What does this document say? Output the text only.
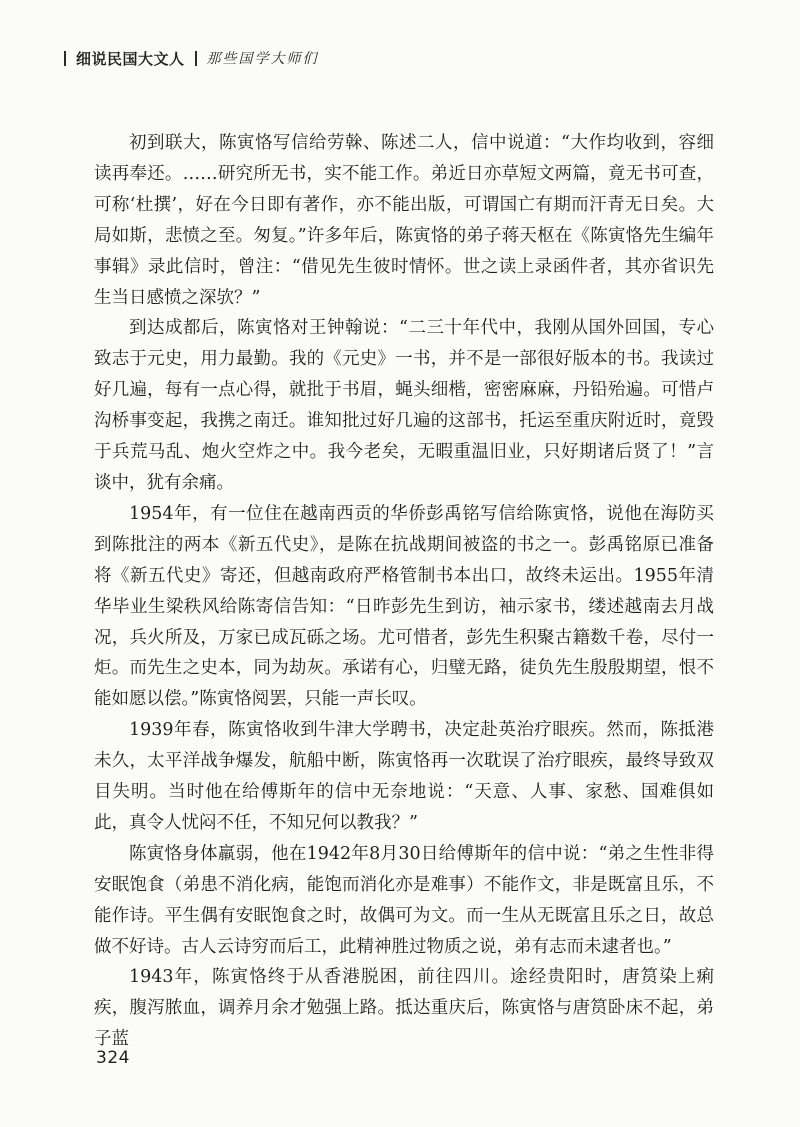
细说民国大文人 那些国学大师们

初到联大，陈寅恪写信给劳榦、陈述二人，信中说道：“大作均收到，容细读再奉还。……研究所无书，实不能工作。弟近日亦草短文两篇，竟无书可查，可称‘杜撰’，好在今日即有著作，亦不能出版，可谓国亡有期而汗青无日矣。大局如斯，悲愤之至。匆复。”许多年后，陈寅恪的弟子蒋天枢在《陈寅恪先生编年事辑》录此信时，曾注：“借见先生彼时情怀。世之读上录函件者，其亦省识先生当日感愤之深欤？”

到达成都后，陈寅恪对王钟翰说：“二三十年代中，我刚从国外回国，专心致志于元史，用力最勤。我的《元史》一书，并不是一部很好版本的书。我读过好几遍，每有一点心得，就批于书眉，蝇头细楷，密密麻麻，丹铅殆遍。可惜卢沟桥事变起，我携之南迁。谁知批过好几遍的这部书，托运至重庆附近时，竟毁于兵荒马乱、炮火空炸之中。我今老矣，无暇重温旧业，只好期诸后贤了！”言谈中，犹有余痛。

1954年，有一位住在越南西贡的华侨彭禹铭写信给陈寅恪，说他在海防买到陈批注的两本《新五代史》，是陈在抗战期间被盗的书之一。彭禹铭原已准备将《新五代史》寄还，但越南政府严格管制书本出口，故终未运出。1955年清华毕业生梁秩风给陈寄信告知：“日昨彭先生到访，袖示家书，缕述越南去月战况，兵火所及，万家已成瓦砾之场。尤可惜者，彭先生积聚古籍数千卷，尽付一炬。而先生之史本，同为劫灰。承诺有心，归璧无路，徒负先生殷殷期望，恨不能如愿以偿。”陈寅恪阅罢，只能一声长叹。

1939年春，陈寅恪收到牛津大学聘书，决定赴英治疗眼疾。然而，陈抵港未久，太平洋战争爆发，航船中断，陈寅恪再一次耽误了治疗眼疾，最终导致双目失明。当时他在给傅斯年的信中无奈地说：“天意、人事、家愁、国难俱如此，真令人忧闷不任，不知兄何以教我？”

陈寅恪身体羸弱，他在1942年8月30日给傅斯年的信中说：“弟之生性非得安眠饱食（弟患不消化病，能饱而消化亦是难事）不能作文，非是既富且乐，不能作诗。平生偶有安眠饱食之时，故偶可为文。而一生从无既富且乐之日，故总做不好诗。古人云诗穷而后工，此精神胜过物质之说，弟有志而未逮者也。”

1943年，陈寅恪终于从香港脱困，前往四川。途经贵阳时，唐筼染上痢疾，腹泻脓血，调养月余才勉强上路。抵达重庆后，陈寅恪与唐筼卧床不起，弟子蓝

324
